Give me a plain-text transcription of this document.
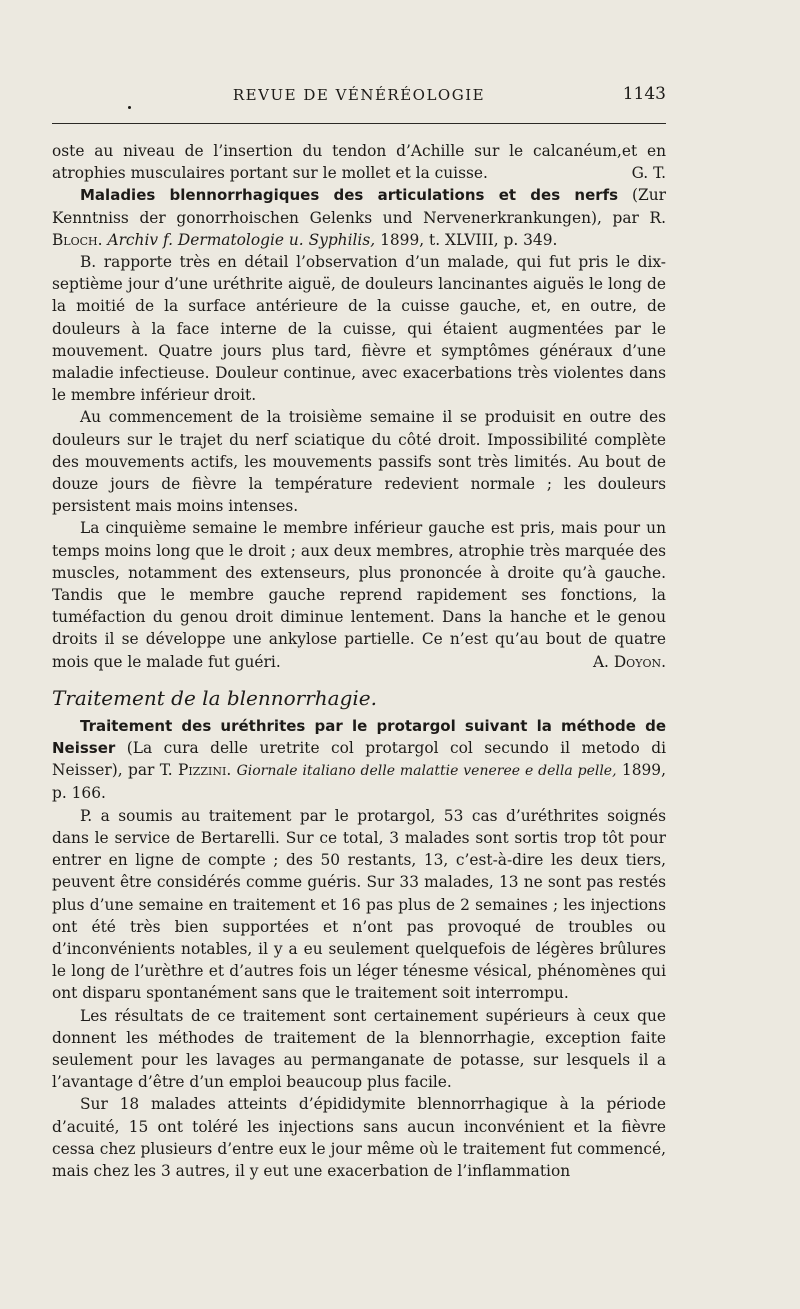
REVUE DE VÉNÉRÉOLOGIE	1143

oste au niveau de l’insertion du tendon d’Achille sur le calcanéum,et en atrophies musculaires portant sur le mollet et la cuisse.	G. T.

Maladies blennorrhagiques des articulations et des nerfs (Zur Kenntniss der gonorrhoischen Gelenks und Nervenerkrankungen), par R. Bloch. Archiv f. Dermatologie u. Syphilis, 1899, t. XLVIII, p. 349.

B. rapporte très en détail l’observation d’un malade, qui fut pris le dix-septième jour d’une uréthrite aiguë, de douleurs lancinantes aiguës le long de la moitié de la surface antérieure de la cuisse gauche, et, en outre, de douleurs à la face interne de la cuisse, qui étaient augmentées par le mouvement. Quatre jours plus tard, fièvre et symptômes généraux d’une maladie infectieuse. Douleur continue, avec exacerbations très violentes dans le membre inférieur droit.

Au commencement de la troisième semaine il se produisit en outre des douleurs sur le trajet du nerf sciatique du côté droit. Impossibilité complète des mouvements actifs, les mouvements passifs sont très limités. Au bout de douze jours de fièvre la température redevient normale ; les douleurs persistent mais moins intenses.

La cinquième semaine le membre inférieur gauche est pris, mais pour un temps moins long que le droit ; aux deux membres, atrophie très marquée des muscles, notamment des extenseurs, plus prononcée à droite qu’à gauche. Tandis que le membre gauche reprend rapidement ses fonctions, la tuméfaction du genou droit diminue lentement. Dans la hanche et le genou droits il se développe une ankylose partielle. Ce n’est qu’au bout de quatre mois que le malade fut guéri.	A. Doyon.

Traitement de la blennorrhagie.

Traitement des uréthrites par le protargol suivant la méthode de Neisser (La cura delle uretrite col protargol col secundo il metodo di Neisser), par T. Pizzini. Giornale italiano delle malattie veneree e della pelle, 1899, p. 166.

P. a soumis au traitement par le protargol, 53 cas d’uréthrites soignés dans le service de Bertarelli. Sur ce total, 3 malades sont sortis trop tôt pour entrer en ligne de compte ; des 50 restants, 13, c’est-à-dire les deux tiers, peuvent être considérés comme guéris. Sur 33 malades, 13 ne sont pas restés plus d’une semaine en traitement et 16 pas plus de 2 semaines ; les injections ont été très bien supportées et n’ont pas provoqué de troubles ou d’inconvénients notables, il y a eu seulement quelquefois de légères brûlures le long de l’urèthre et d’autres fois un léger ténesme vésical, phénomènes qui ont disparu spontanément sans que le traitement soit interrompu.

Les résultats de ce traitement sont certainement supérieurs à ceux que donnent les méthodes de traitement de la blennorrhagie, exception faite seulement pour les lavages au permanganate de potasse, sur lesquels il a l’avantage d’être d’un emploi beaucoup plus facile.

Sur 18 malades atteints d’épididymite blennorrhagique à la période d’acuité, 15 ont toléré les injections sans aucun inconvénient et la fièvre cessa chez plusieurs d’entre eux le jour même où le traitement fut commencé, mais chez les 3 autres, il y eut une exacerbation de l’inflammation
